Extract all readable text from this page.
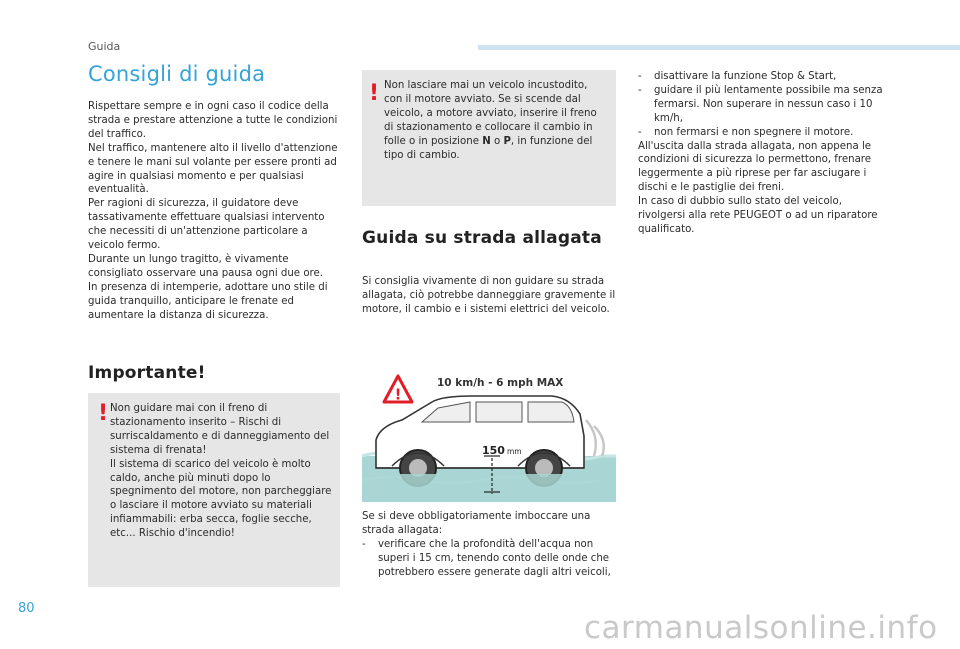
Guida
Consigli di guida

Rispettare sempre e in ogni caso il codice della strada e prestare attenzione a tutte le condizioni del traffico.

Nel traffico, mantenere alto il livello d'attenzione e tenere le mani sul volante per essere pronti ad agire in qualsiasi momento e per qualsiasi eventualità.

Per ragioni di sicurezza, il guidatore deve tassativamente effettuare qualsiasi intervento che necessiti di un'attenzione particolare a veicolo fermo.

Durante un lungo tragitto, è vivamente consigliato osservare una pausa ogni due ore.

In presenza di intemperie, adottare uno stile di guida tranquillo, anticipare le frenate ed aumentare la distanza di sicurezza.

Importante!
! Non guidare mai con il freno di stazionamento inserito – Rischi di surriscaldamento e di danneggiamento del sistema di frenata!

Il sistema di scarico del veicolo è molto caldo, anche più minuti dopo lo spegnimento del motore, non parcheggiare o lasciare il motore avviato su materiali infiammabili: erba secca, foglie secche, etc... Rischio d'incendio!

! Non lasciare mai un veicolo incustodito, con il motore avviato. Se si scende dal veicolo, a motore avviato, inserire il freno di stazionamento e collocare il cambio in folle o in posizione N o P, in funzione del tipo di cambio.
Guida su strada allagata
Si consiglia vivamente di non guidare su strada allagata, ciò potrebbe danneggiare gravemente il motore, il cambio e i sistemi elettrici del veicolo.
!
10 km/h - 6 mph MAX
150 mm

Se si deve obbligatoriamente imboccare una strada allagata:

- verificare che la profondità dell'acqua non superi i 15 cm, tenendo conto delle onde che potrebbero essere generate dagli altri veicoli,

- disattivare la funzione Stop & Start,

- guidare il più lentamente possibile ma senza fermarsi. Non superare in nessun caso i 10 km/h,

- non fermarsi e non spegnere il motore.

All'uscita dalla strada allagata, non appena le condizioni di sicurezza lo permettono, frenare leggermente a più riprese per far asciugare i dischi e le pastiglie dei freni.

In caso di dubbio sullo stato del veicolo, rivolgersi alla rete PEUGEOT o ad un riparatore qualificato.

80
carmanualsonline.info
